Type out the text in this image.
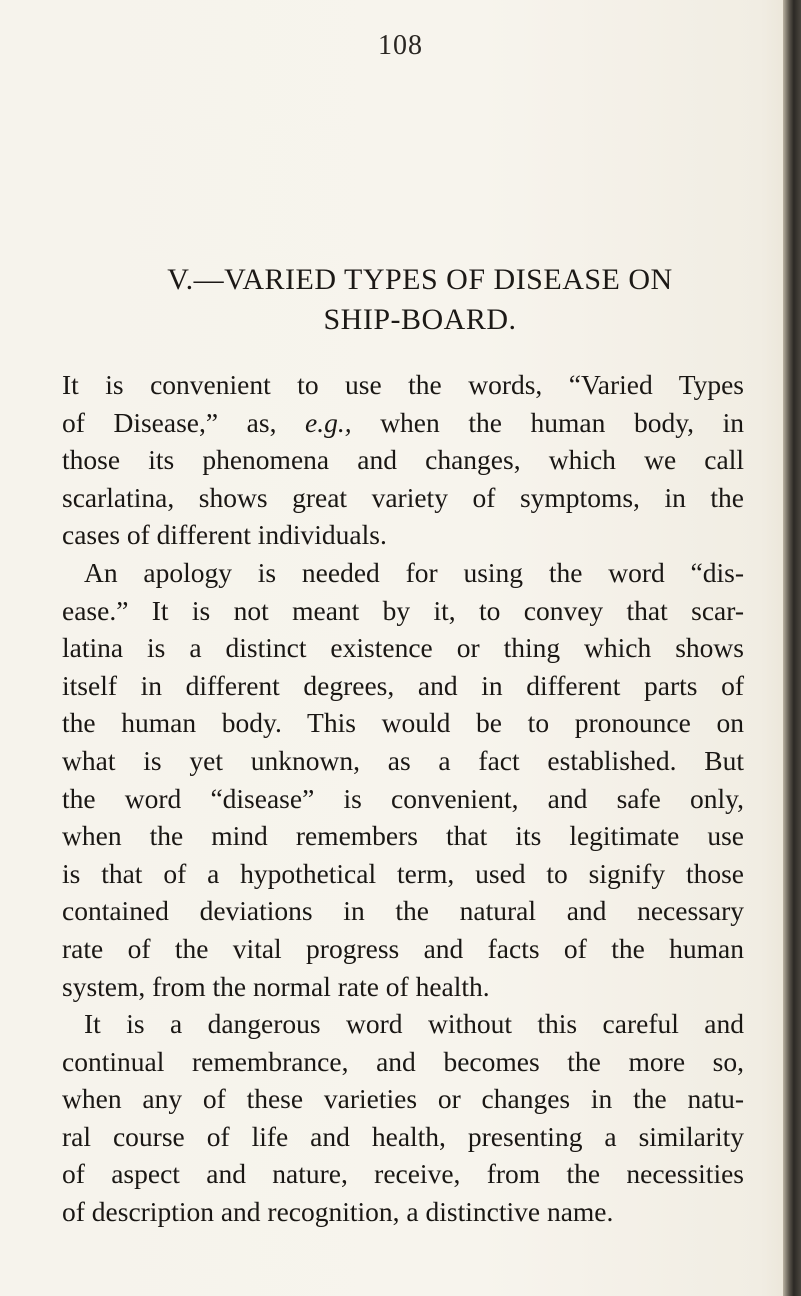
108
V.—VARIED TYPES OF DISEASE ON
SHIP-BOARD.

It is convenient to use the words, “Varied Types
of Disease,” as, e.g., when the human body, in
those its phenomena and changes, which we call
scarlatina, shows great variety of symptoms, in the
cases of different individuals.

An apology is needed for using the word “dis-
ease.” It is not meant by it, to convey that scar-
latina is a distinct existence or thing which shows
itself in different degrees, and in different parts of
the human body. This would be to pronounce on
what is yet unknown, as a fact established. But
the word “disease” is convenient, and safe only,
when the mind remembers that its legitimate use
is that of a hypothetical term, used to signify those
contained deviations in the natural and necessary
rate of the vital progress and facts of the human
system, from the normal rate of health.

It is a dangerous word without this careful and
continual remembrance, and becomes the more so,
when any of these varieties or changes in the natu-
ral course of life and health, presenting a similarity
of aspect and nature, receive, from the necessities
of description and recognition, a distinctive name.
